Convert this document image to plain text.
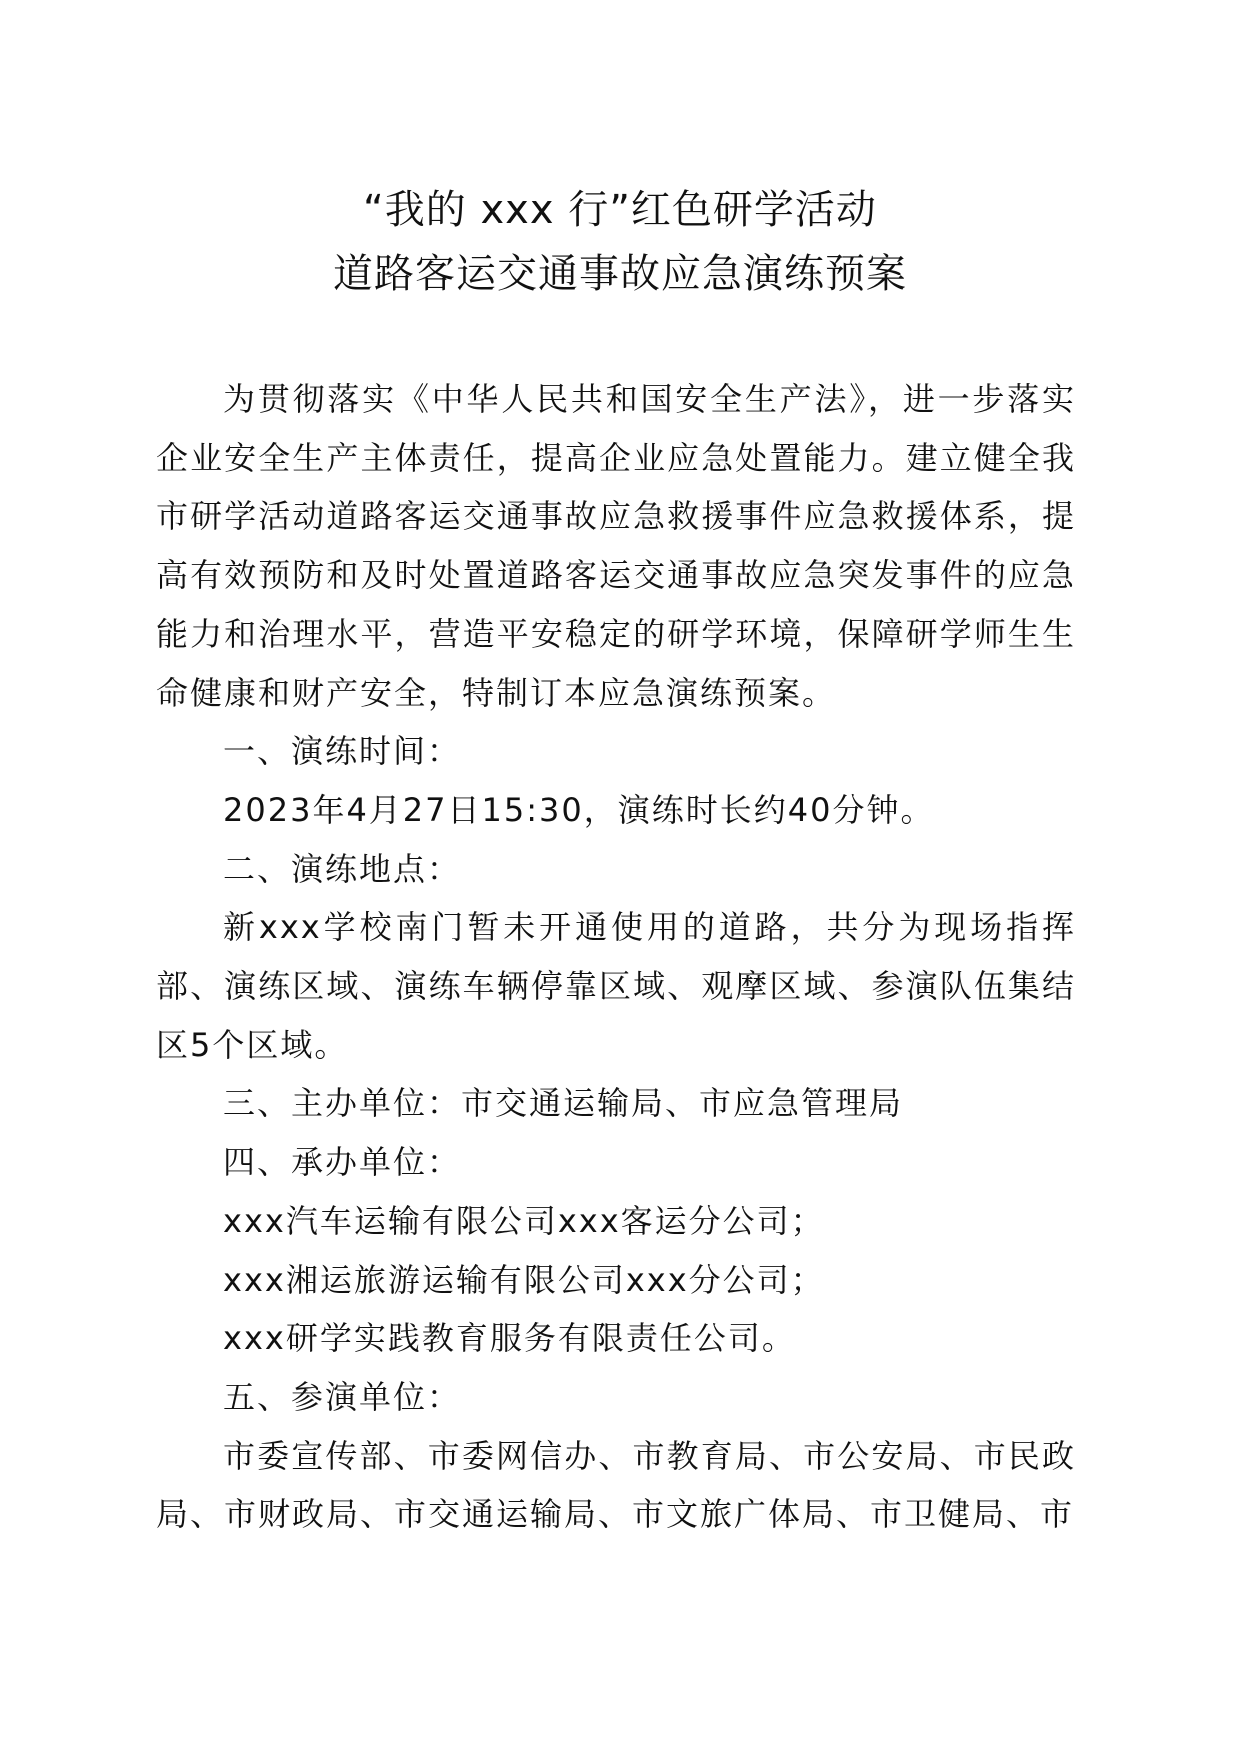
“我的 xxx 行”红色研学活动
道路客运交通事故应急演练预案

为贯彻落实《中华人民共和国安全生产法》，进一步落实企业安全生产主体责任，提高企业应急处置能力。建立健全我市研学活动道路客运交通事故应急救援事件应急救援体系，提高有效预防和及时处置道路客运交通事故应急突发事件的应急能力和治理水平，营造平安稳定的研学环境，保障研学师生生命健康和财产安全，特制订本应急演练预案。

一、演练时间：

2023年4月27日15:30，演练时长约40分钟。

二、演练地点：

新xxx学校南门暂未开通使用的道路，共分为现场指挥部、演练区域、演练车辆停靠区域、观摩区域、参演队伍集结区5个区域。

三、主办单位：市交通运输局、市应急管理局

四、承办单位：

xxx汽车运输有限公司xxx客运分公司；

xxx湘运旅游运输有限公司xxx分公司；

xxx研学实践教育服务有限责任公司。

五、参演单位：

市委宣传部、市委网信办、市教育局、市公安局、市民政局、市财政局、市交通运输局、市文旅广体局、市卫健局、市
